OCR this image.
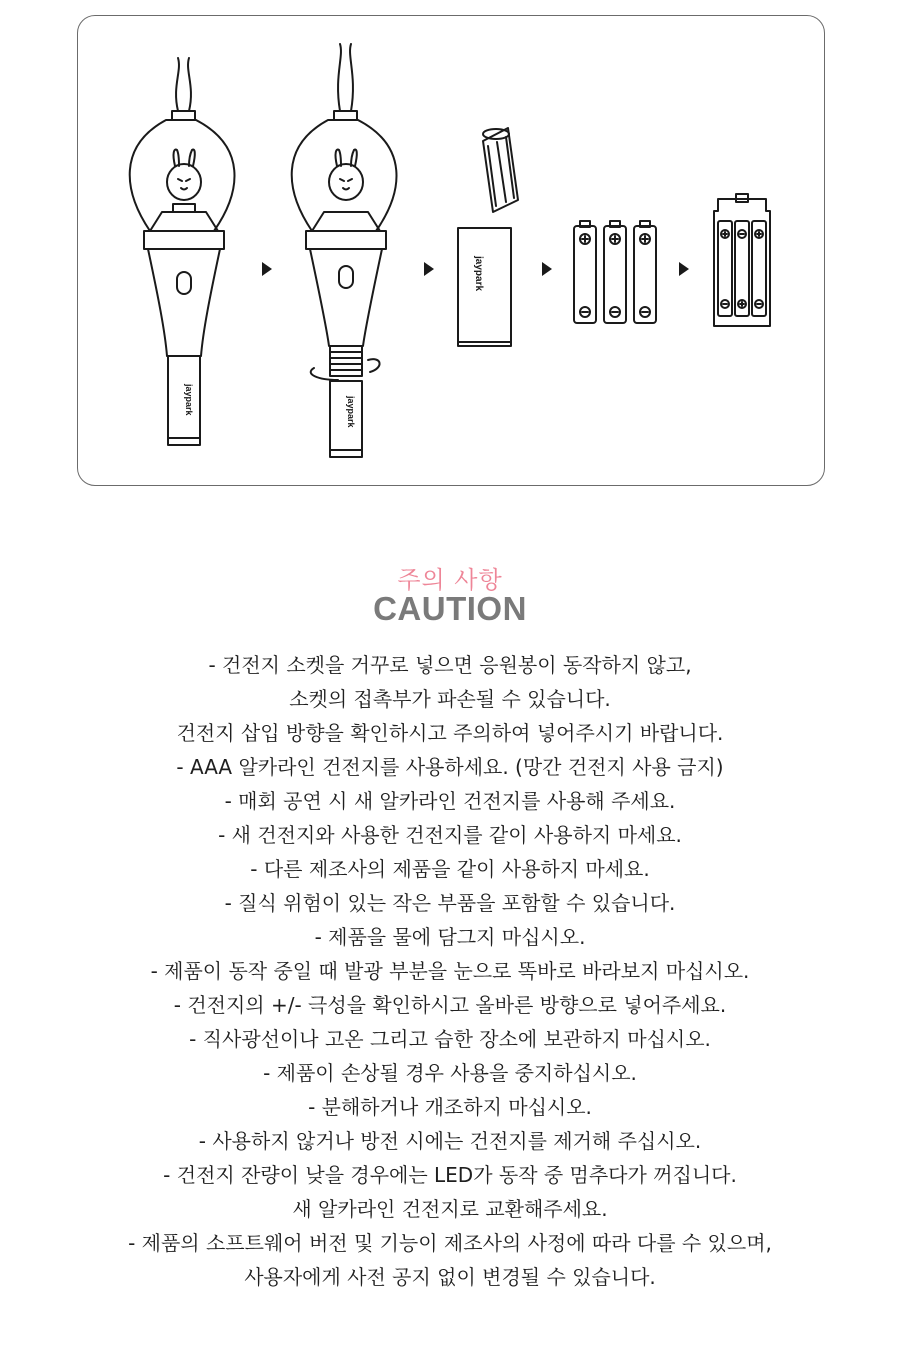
jaypark	jaypark
jaypark
주의 사항
CAUTION
- 건전지 소켓을 거꾸로 넣으면 응원봉이 동작하지 않고,
소켓의 접촉부가 파손될 수 있습니다.
건전지 삽입 방향을 확인하시고 주의하여 넣어주시기 바랍니다.
- AAA 알카라인 건전지를 사용하세요. (망간 건전지 사용 금지)
- 매회 공연 시 새 알카라인 건전지를 사용해 주세요.
- 새 건전지와 사용한 건전지를 같이 사용하지 마세요.
- 다른 제조사의 제품을 같이 사용하지 마세요.
- 질식 위험이 있는 작은 부품을 포함할 수 있습니다.
- 제품을 물에 담그지 마십시오.
- 제품이 동작 중일 때 발광 부분을 눈으로 똑바로 바라보지 마십시오.
- 건전지의 +/- 극성을 확인하시고 올바른 방향으로 넣어주세요.
- 직사광선이나 고온 그리고 습한 장소에 보관하지 마십시오.
- 제품이 손상될 경우 사용을 중지하십시오.
- 분해하거나 개조하지 마십시오.
- 사용하지 않거나 방전 시에는 건전지를 제거해 주십시오.
- 건전지 잔량이 낮을 경우에는 LED가 동작 중 멈추다가 꺼집니다.
새 알카라인 건전지로 교환해주세요.
- 제품의 소프트웨어 버전 및 기능이 제조사의 사정에 따라 다를 수 있으며,
사용자에게 사전 공지 없이 변경될 수 있습니다.
